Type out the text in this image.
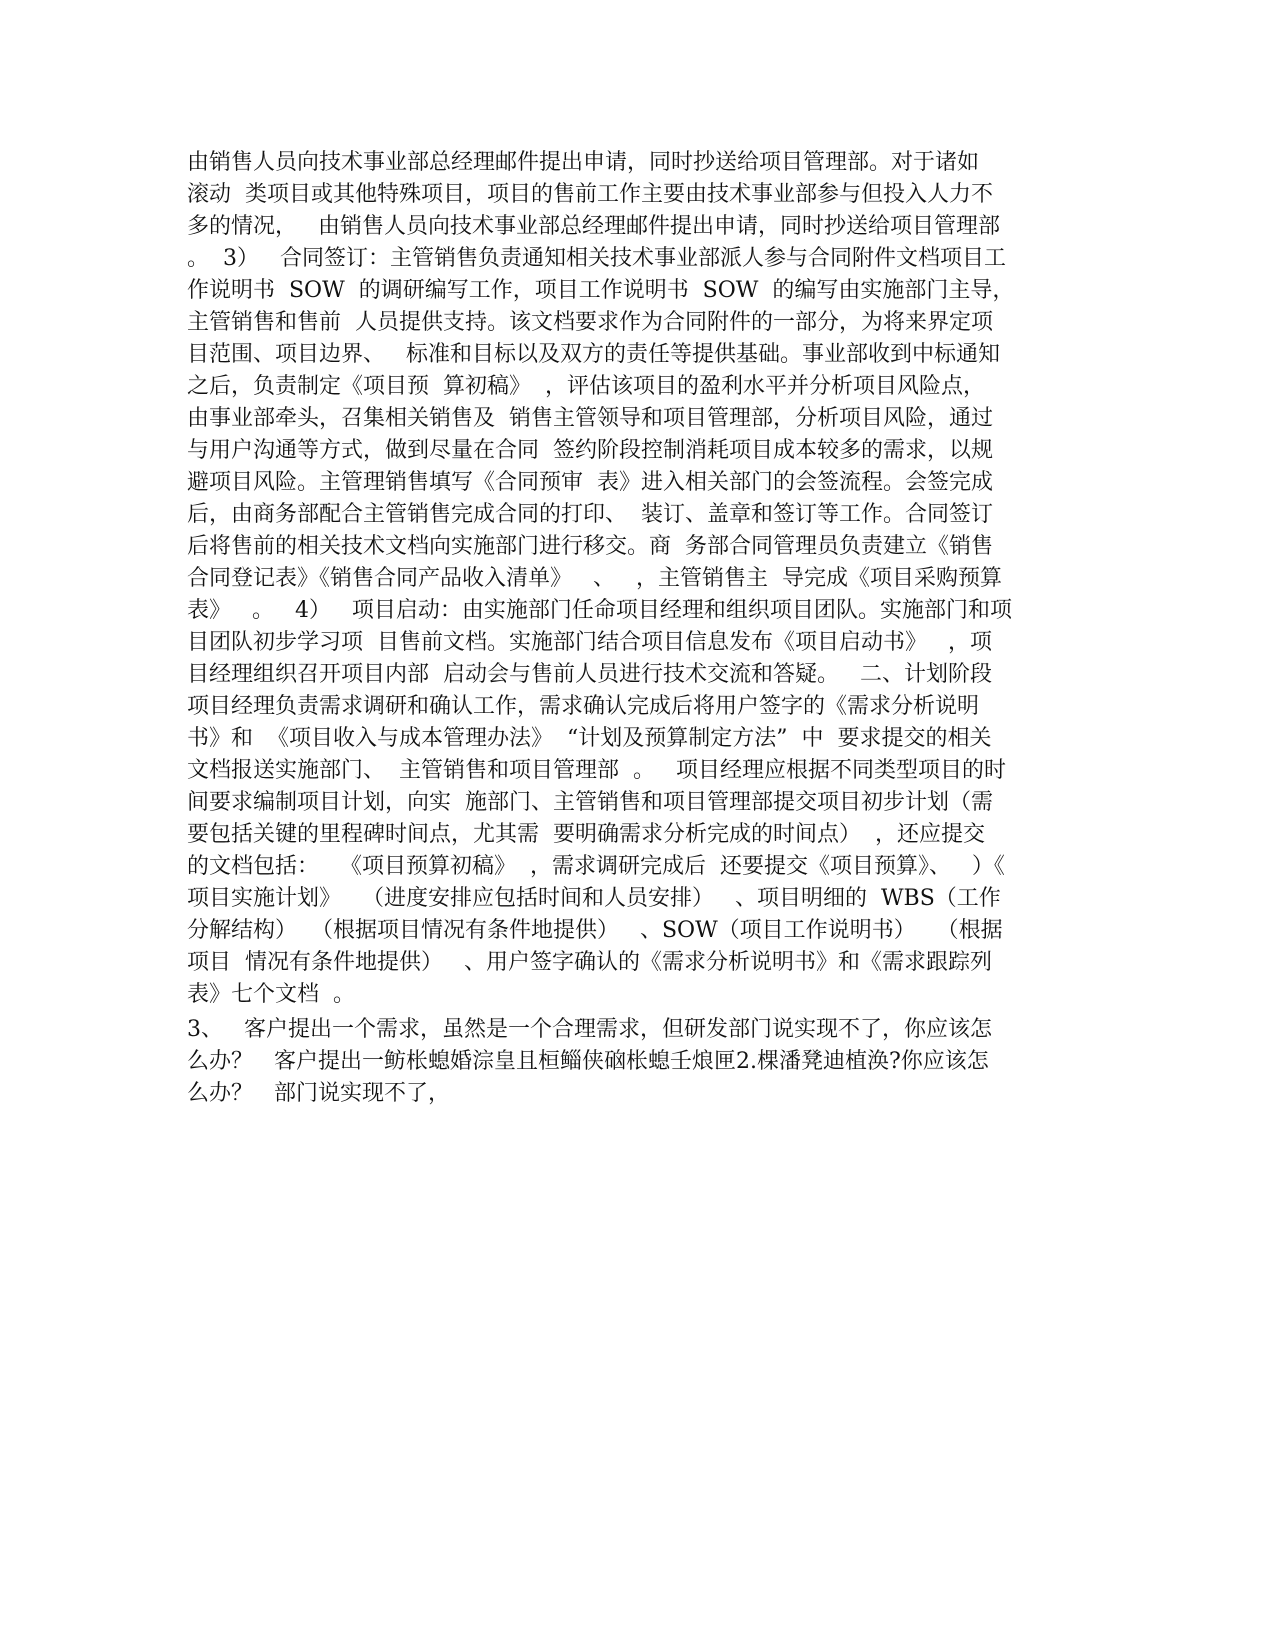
由销售人员向技术事业部总经理邮件提出申请，同时抄送给项目管理部。对于诸如
滚动  类项目或其他特殊项目，项目的售前工作主要由技术事业部参与但投入人力不
多的情况，   由销售人员向技术事业部总经理邮件提出申请，同时抄送给项目管理部
。  3）   合同签订：主管销售负责通知相关技术事业部派人参与合同附件文档项目工
作说明书  SOW  的调研编写工作，项目工作说明书  SOW  的编写由实施部门主导，
主管销售和售前  人员提供支持。该文档要求作为合同附件的一部分，为将来界定项
目范围、项目边界、   标准和目标以及双方的责任等提供基础。事业部收到中标通知
之后，负责制定《项目预  算初稿》  ，评估该项目的盈利水平并分析项目风险点，
由事业部牵头，召集相关销售及  销售主管领导和项目管理部，分析项目风险，通过
与用户沟通等方式，做到尽量在合同  签约阶段控制消耗项目成本较多的需求，以规
避项目风险。主管理销售填写《合同预审  表》进入相关部门的会签流程。会签完成
后，由商务部配合主管销售完成合同的打印、  装订、盖章和签订等工作。合同签订
后将售前的相关技术文档向实施部门进行移交。商  务部合同管理员负责建立《销售
合同登记表》《销售合同产品收入清单》   、   ，主管销售主  导完成《项目采购预算
表》   。   4）   项目启动：由实施部门任命项目经理和组织项目团队。实施部门和项
目团队初步学习项  目售前文档。实施部门结合项目信息发布《项目启动书》   ，项
目经理组织召开项目内部  启动会与售前人员进行技术交流和答疑。   二、计划阶段
项目经理负责需求调研和确认工作，需求确认完成后将用户签字的《需求分析说明
书》和  《项目收入与成本管理办法》  “计划及预算制定方法”  中  要求提交的相关
文档报送实施部门、  主管销售和项目管理部  。   项目经理应根据不同类型项目的时
间要求编制项目计划，向实  施部门、主管销售和项目管理部提交项目初步计划（需
要包括关键的里程碑时间点，尤其需  要明确需求分析完成的时间点）  ，还应提交
的文档包括：   《项目预算初稿》  ，需求调研完成后  还要提交《项目预算》、   ）《
项目实施计划》   （进度安排应包括时间和人员安排）   、项目明细的  WBS（工作
分解结构）  （根据项目情况有条件地提供）   、SOW（项目工作说明书）   （根据
项目  情况有条件地提供）   、用户签字确认的《需求分析说明书》和《需求跟踪列
表》七个文档  。
3、   客户提出一个需求，虽然是一个合理需求，但研发部门说实现不了，你应该怎
么办？   客户提出一鲂枨螅婚淙皇且桓鲻侠硇枨螅壬烺匣2.棵潘凳迪植涣?你应该怎
么办？   部门说实现不了，
